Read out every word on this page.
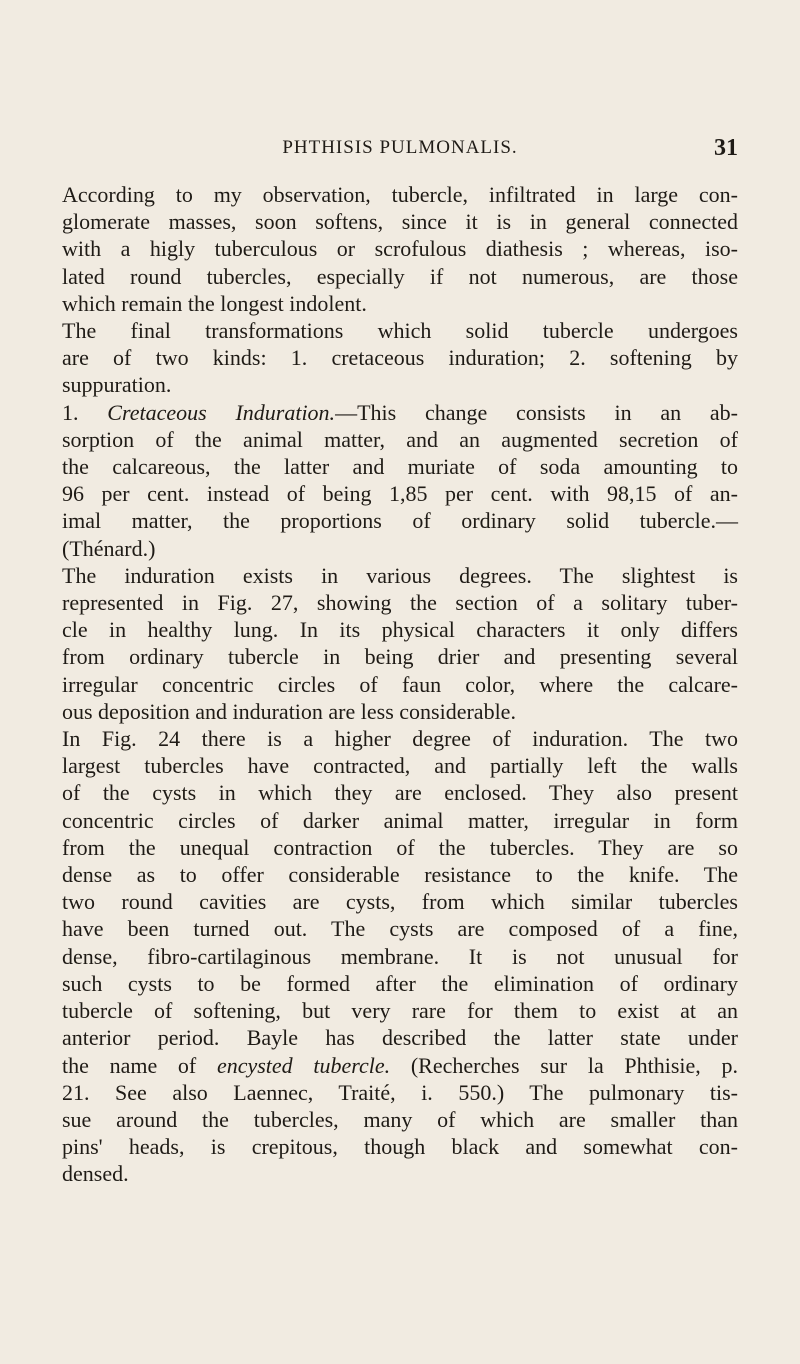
PHTHISIS PULMONALIS.	31
According to my observation, tubercle, infiltrated in large con-
glomerate masses, soon softens, since it is in general connected
with a higly tuberculous or scrofulous diathesis ; whereas, iso-
lated round tubercles, especially if not numerous, are those
which remain the longest indolent.
The final transformations which solid tubercle undergoes
are of two kinds: 1. cretaceous induration; 2. softening by
suppuration.
1. Cretaceous Induration.—This change consists in an ab-
sorption of the animal matter, and an augmented secretion of
the calcareous, the latter and muriate of soda amounting to
96 per cent. instead of being 1,85 per cent. with 98,15 of an-
imal matter, the proportions of ordinary solid tubercle.—
(Thénard.)
The induration exists in various degrees. The slightest is
represented in Fig. 27, showing the section of a solitary tuber-
cle in healthy lung. In its physical characters it only differs
from ordinary tubercle in being drier and presenting several
irregular concentric circles of faun color, where the calcare-
ous deposition and induration are less considerable.
In Fig. 24 there is a higher degree of induration. The two
largest tubercles have contracted, and partially left the walls
of the cysts in which they are enclosed. They also present
concentric circles of darker animal matter, irregular in form
from the unequal contraction of the tubercles. They are so
dense as to offer considerable resistance to the knife. The
two round cavities are cysts, from which similar tubercles
have been turned out. The cysts are composed of a fine,
dense, fibro-cartilaginous membrane. It is not unusual for
such cysts to be formed after the elimination of ordinary
tubercle of softening, but very rare for them to exist at an
anterior period. Bayle has described the latter state under
the name of encysted tubercle. (Recherches sur la Phthisie, p.
21. See also Laennec, Traité, i. 550.) The pulmonary tis-
sue around the tubercles, many of which are smaller than
pins' heads, is crepitous, though black and somewhat con-
densed.
